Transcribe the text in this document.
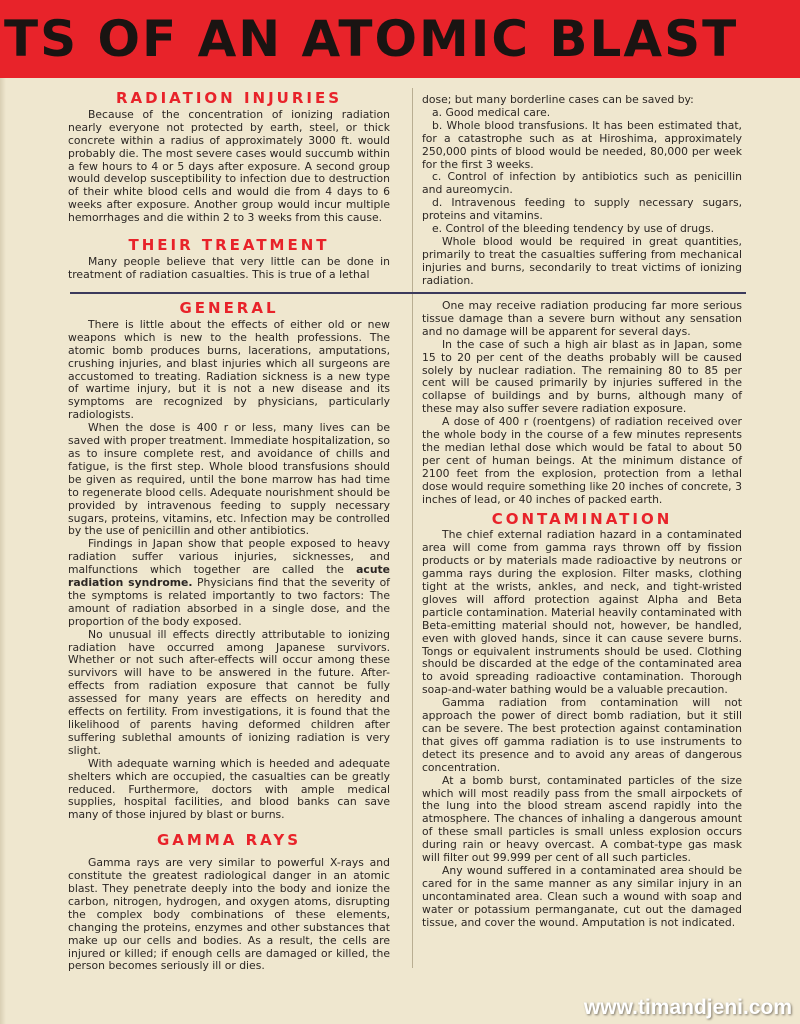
TS OF AN ATOMIC BLAST
RADIATION INJURIES

Because of the concentration of ionizing radiation nearly everyone not protected by earth, steel, or thick concrete within a radius of approximately 3000 ft. would probably die. The most severe cases would succumb within a few hours to 4 or 5 days after exposure. A second group would develop susceptibility to infection due to destruction of their white blood cells and would die from 4 days to 6 weeks after exposure. Another group would incur multiple hemorrhages and die within 2 to 3 weeks from this cause.

THEIR TREATMENT

Many people believe that very little can be done in treatment of radiation casualties. This is true of a lethal

dose; but many borderline cases can be saved by:

a. Good medical care.

b. Whole blood transfusions. It has been estimated that, for a catastrophe such as at Hiroshima, approximately 250,000 pints of blood would be needed, 80,000 per week for the first 3 weeks.

c. Control of infection by antibiotics such as penicillin and aureomycin.

d. Intravenous feeding to supply necessary sugars, proteins and vitamins.

e. Control of the bleeding tendency by use of drugs.

Whole blood would be required in great quantities, primarily to treat the casualties suffering from mechanical injuries and burns, secondarily to treat victims of ionizing radiation.

GENERAL

There is little about the effects of either old or new weapons which is new to the health professions. The atomic bomb produces burns, lacerations, amputations, crushing injuries, and blast injuries which all surgeons are accustomed to treating. Radiation sickness is a new type of wartime injury, but it is not a new disease and its symptoms are recognized by physicians, particularly radiologists.

When the dose is 400 r or less, many lives can be saved with proper treatment. Immediate hospitalization, so as to insure complete rest, and avoidance of chills and fatigue, is the first step. Whole blood transfusions should be given as required, until the bone marrow has had time to regenerate blood cells. Adequate nourishment should be provided by intravenous feeding to supply necessary sugars, proteins, vitamins, etc. Infection may be controlled by the use of penicillin and other antibiotics.

Findings in Japan show that people exposed to heavy radiation suffer various injuries, sicknesses, and malfunctions which together are called the acute radiation syndrome. Physicians find that the severity of the symptoms is related importantly to two factors: The amount of radiation absorbed in a single dose, and the proportion of the body exposed.

No unusual ill effects directly attributable to ionizing radiation have occurred among Japanese survivors. Whether or not such after-effects will occur among these survivors will have to be answered in the future. After-effects from radiation exposure that cannot be fully assessed for many years are effects on heredity and effects on fertility. From investigations, it is found that the likelihood of parents having deformed children after suffering sublethal amounts of ionizing radiation is very slight.

With adequate warning which is heeded and adequate shelters which are occupied, the casualties can be greatly reduced. Furthermore, doctors with ample medical supplies, hospital facilities, and blood banks can save many of those injured by blast or burns.

GAMMA RAYS

Gamma rays are very similar to powerful X-rays and constitute the greatest radiological danger in an atomic blast. They penetrate deeply into the body and ionize the carbon, nitrogen, hydrogen, and oxygen atoms, disrupting the complex body combinations of these elements, changing the proteins, enzymes and other substances that make up our cells and bodies. As a result, the cells are injured or killed; if enough cells are damaged or killed, the person becomes seriously ill or dies.

One may receive radiation producing far more serious tissue damage than a severe burn without any sensation and no damage will be apparent for several days.

In the case of such a high air blast as in Japan, some 15 to 20 per cent of the deaths probably will be caused solely by nuclear radiation. The remaining 80 to 85 per cent will be caused primarily by injuries suffered in the collapse of buildings and by burns, although many of these may also suffer severe radiation exposure.

A dose of 400 r (roentgens) of radiation received over the whole body in the course of a few minutes represents the median lethal dose which would be fatal to about 50 per cent of human beings. At the minimum distance of 2100 feet from the explosion, protection from a lethal dose would require something like 20 inches of concrete, 3 inches of lead, or 40 inches of packed earth.

CONTAMINATION

The chief external radiation hazard in a contaminated area will come from gamma rays thrown off by fission products or by materials made radioactive by neutrons or gamma rays during the explosion. Filter masks, clothing tight at the wrists, ankles, and neck, and tight-wristed gloves will afford protection against Alpha and Beta particle contamination. Material heavily contaminated with Beta-emitting material should not, however, be handled, even with gloved hands, since it can cause severe burns. Tongs or equivalent instruments should be used. Clothing should be discarded at the edge of the contaminated area to avoid spreading radioactive contamination. Thorough soap-and-water bathing would be a valuable precaution.

Gamma radiation from contamination will not approach the power of direct bomb radiation, but it still can be severe. The best protection against contamination that gives off gamma radiation is to use instruments to detect its presence and to avoid any areas of dangerous concentration.

At a bomb burst, contaminated particles of the size which will most readily pass from the small airpockets of the lung into the blood stream ascend rapidly into the atmosphere. The chances of inhaling a dangerous amount of these small particles is small unless explosion occurs during rain or heavy overcast. A combat-type gas mask will filter out 99.999 per cent of all such particles.

Any wound suffered in a contaminated area should be cared for in the same manner as any similar injury in an uncontaminated area. Clean such a wound with soap and water or potassium permanganate, cut out the damaged tissue, and cover the wound. Amputation is not indicated.

www.timandjeni.com
